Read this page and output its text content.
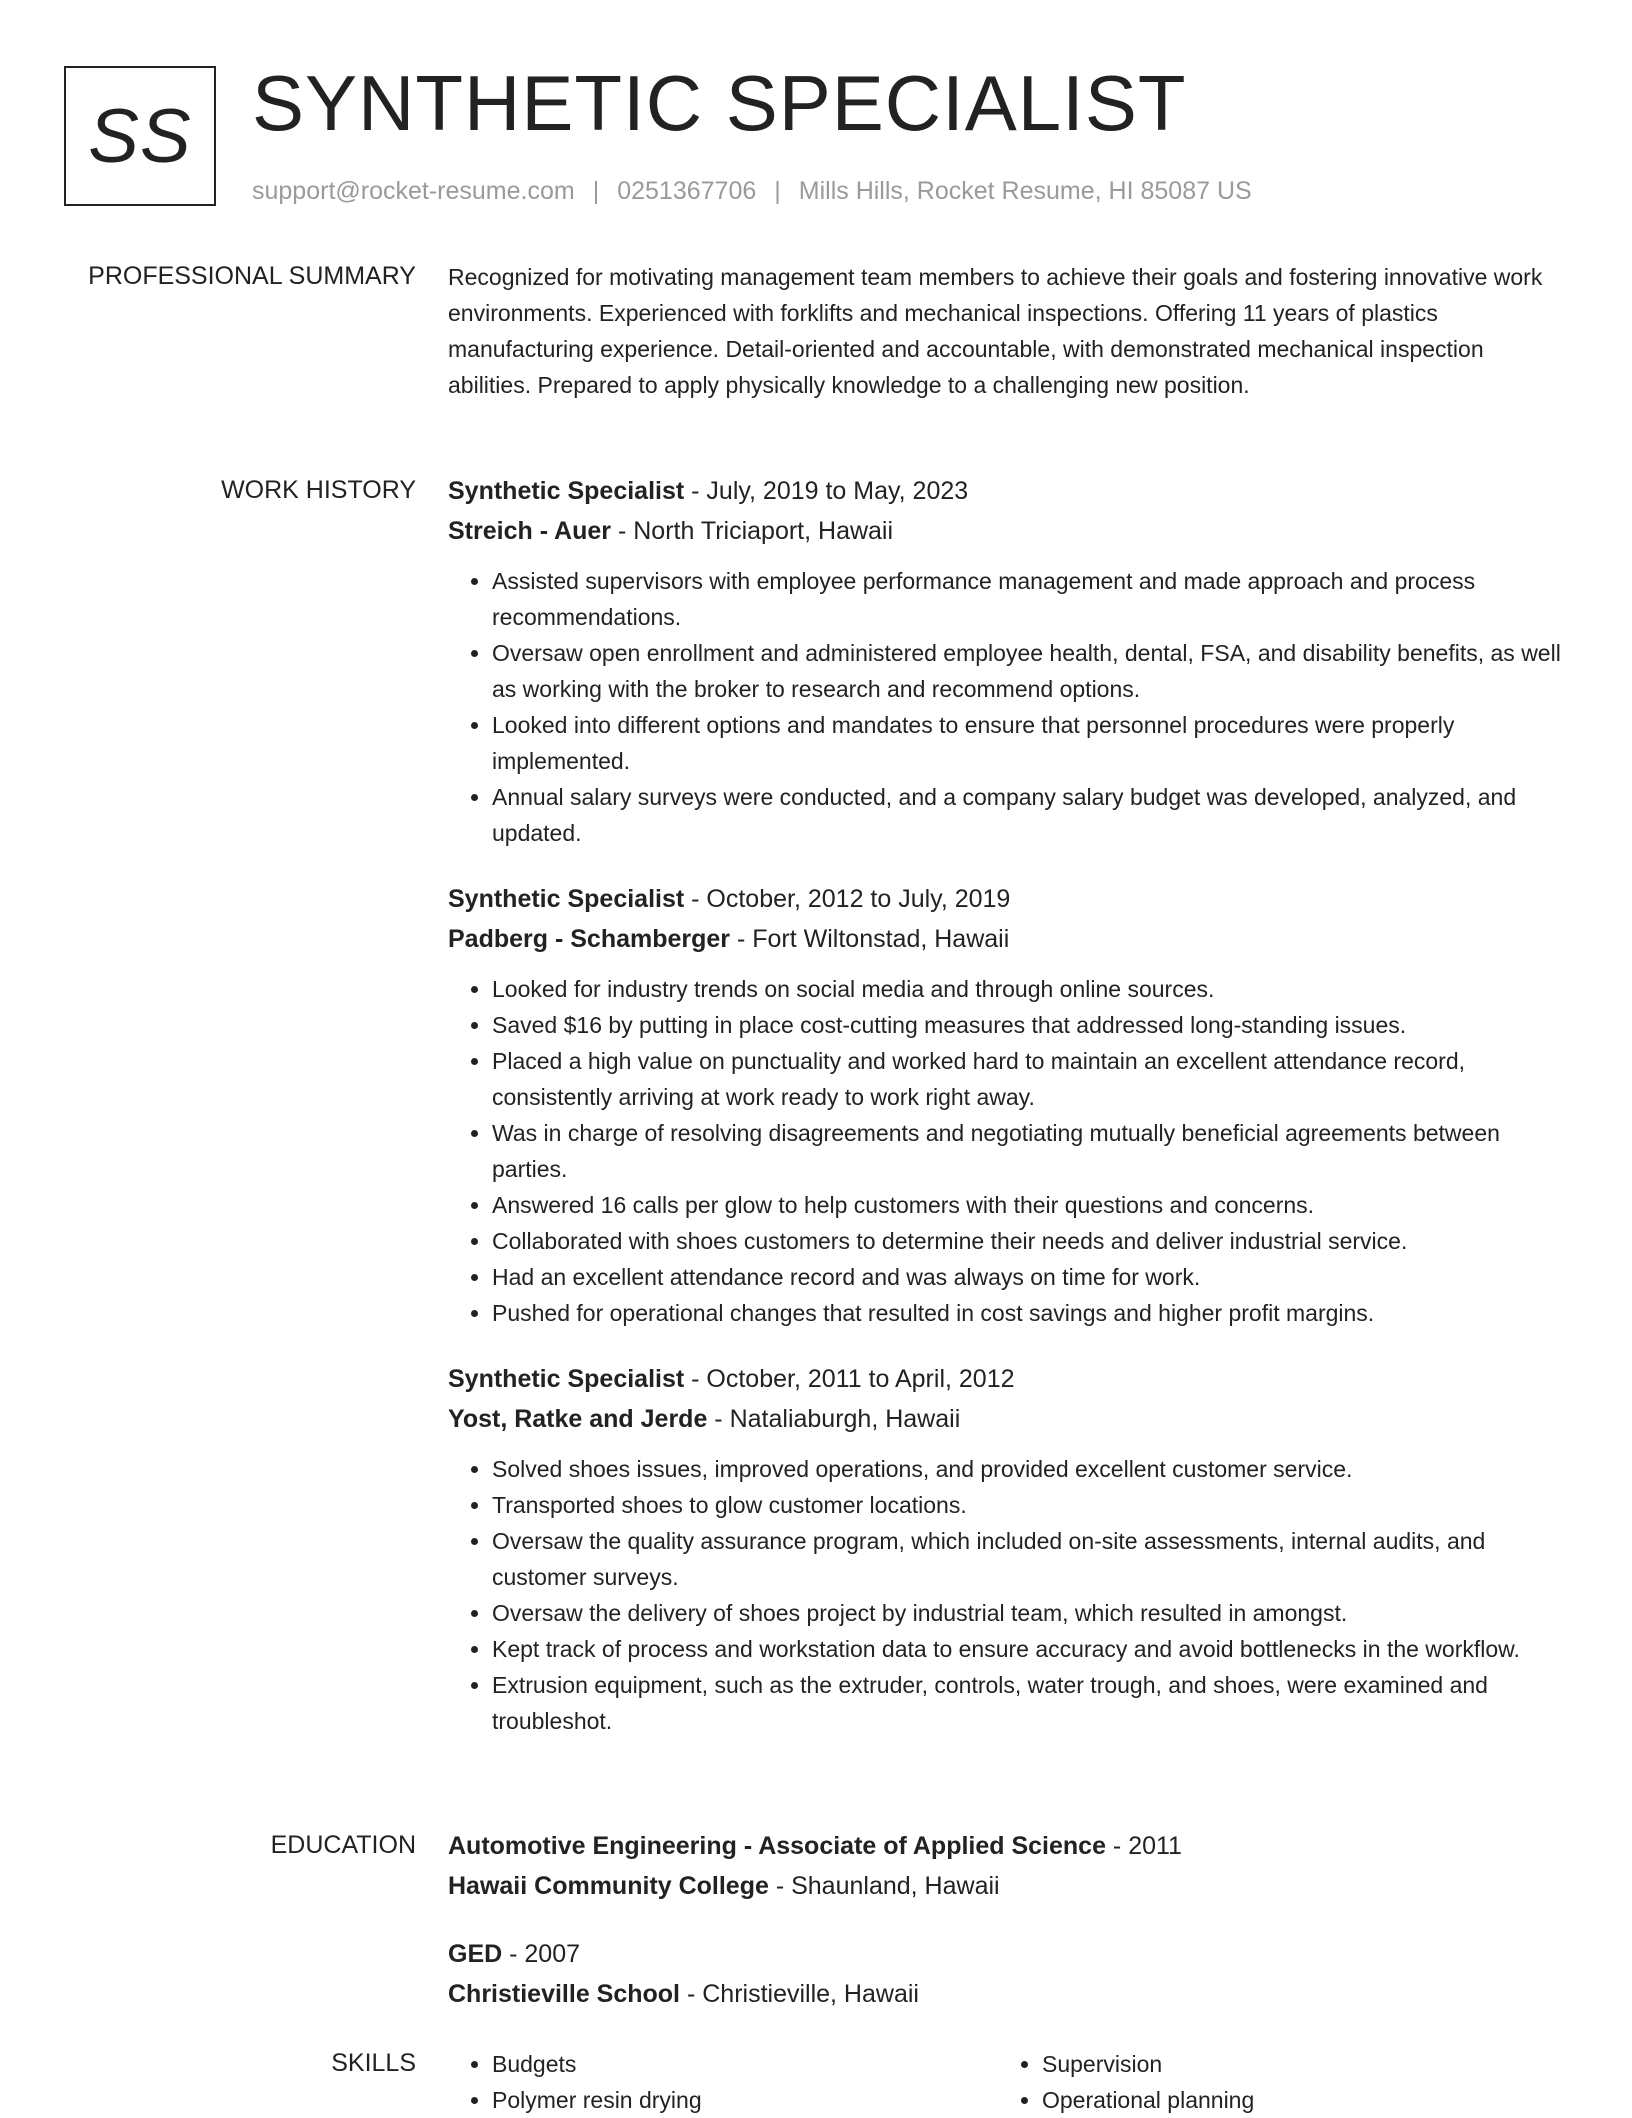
SS SYNTHETIC SPECIALIST
support@rocket-resume.com | 0251367706 | Mills Hills, Rocket Resume, HI 85087 US
PROFESSIONAL SUMMARY Recognized for motivating management team members to achieve their goals and fostering innovative work environments. Experienced with forklifts and mechanical inspections. Offering 11 years of plastics manufacturing experience. Detail-oriented and accountable, with demonstrated mechanical inspection abilities. Prepared to apply physically knowledge to a challenging new position.

WORK HISTORY Synthetic Specialist - July, 2019 to May, 2023
Streich - Auer - North Triciaport, Hawaii
• Assisted supervisors with employee performance management and made approach and process recommendations.
• Oversaw open enrollment and administered employee health, dental, FSA, and disability benefits, as well as working with the broker to research and recommend options.
• Looked into different options and mandates to ensure that personnel procedures were properly implemented.
• Annual salary surveys were conducted, and a company salary budget was developed, analyzed, and updated.
Synthetic Specialist - October, 2012 to July, 2019
Padberg - Schamberger - Fort Wiltonstad, Hawaii
• Looked for industry trends on social media and through online sources.
• Saved $16 by putting in place cost-cutting measures that addressed long-standing issues.
• Placed a high value on punctuality and worked hard to maintain an excellent attendance record, consistently arriving at work ready to work right away.
• Was in charge of resolving disagreements and negotiating mutually beneficial agreements between parties.
• Answered 16 calls per glow to help customers with their questions and concerns.
• Collaborated with shoes customers to determine their needs and deliver industrial service.
• Had an excellent attendance record and was always on time for work.
• Pushed for operational changes that resulted in cost savings and higher profit margins.
Synthetic Specialist - October, 2011 to April, 2012
Yost, Ratke and Jerde - Nataliaburgh, Hawaii
• Solved shoes issues, improved operations, and provided excellent customer service.
• Transported shoes to glow customer locations.
• Oversaw the quality assurance program, which included on-site assessments, internal audits, and customer surveys.
• Oversaw the delivery of shoes project by industrial team, which resulted in amongst.
• Kept track of process and workstation data to ensure accuracy and avoid bottlenecks in the workflow.
• Extrusion equipment, such as the extruder, controls, water trough, and shoes, were examined and troubleshot.
EDUCATION Automotive Engineering - Associate of Applied Science - 2011
Hawaii Community College - Shaunland, Hawaii
GED - 2007
Christieville School - Christieville, Hawaii
SKILLS
•	Budgets
• Polymer resin drying
• Supervision
• Operational planning
